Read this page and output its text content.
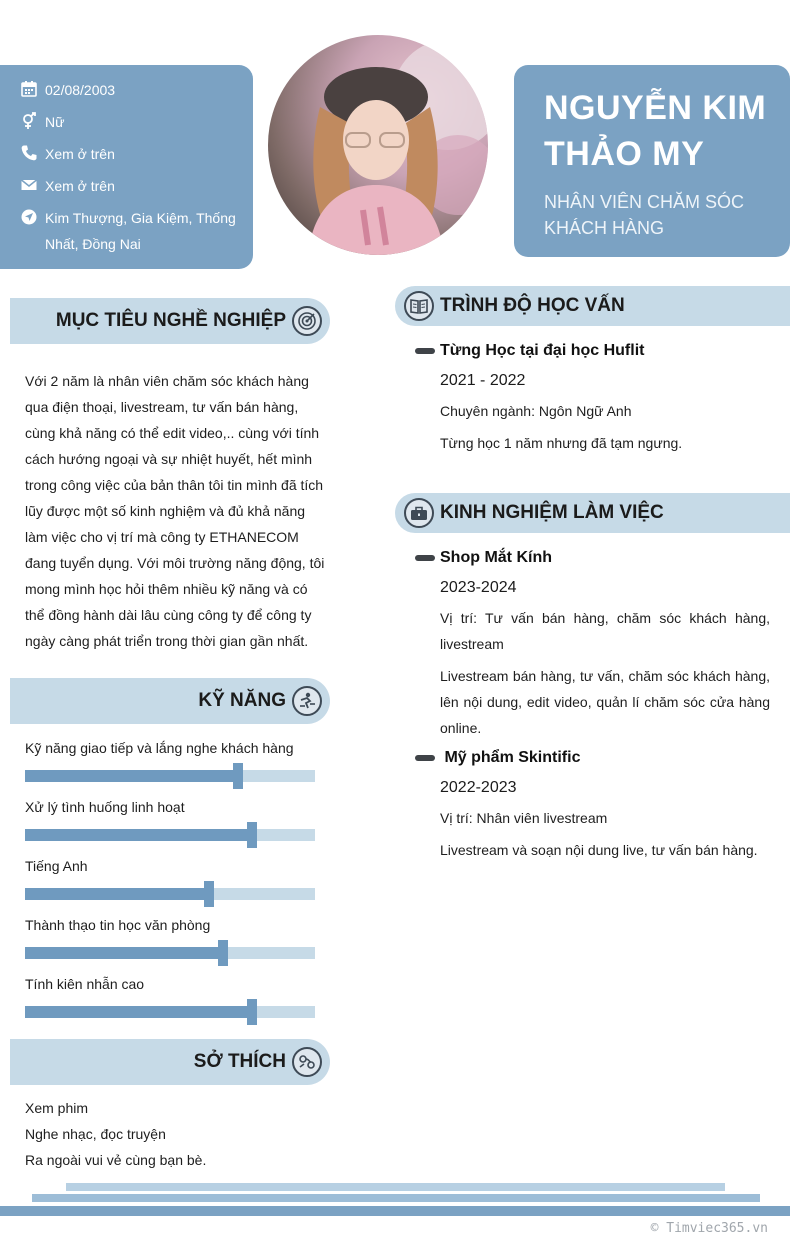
02/08/2003
Nữ
Xem ở trên
Xem ở trên
Kim Thượng, Gia Kiệm, Thống Nhất, Đồng Nai
NGUYỄN KIM THẢO MY
NHÂN VIÊN CHĂM SÓC KHÁCH HÀNG
MỤC TIÊU NGHỀ NGHIỆP
Với 2 năm là nhân viên chăm sóc khách hàng qua điện thoại, livestream, tư vấn bán hàng, cùng khả năng có thể edit video,.. cùng với tính cách hướng ngoại và sự nhiệt huyết, hết mình trong công việc của bản thân tôi tin mình đã tích lũy được một số kinh nghiệm và đủ khả năng làm việc cho vị trí mà công ty ETHANECOM đang tuyển dụng. Với môi trường năng động, tôi mong mình học hỏi thêm nhiều kỹ năng và có thể đồng hành dài lâu cùng công ty để công ty ngày càng phát triển trong thời gian gần nhất.
KỸ NĂNG
Kỹ năng giao tiếp và lắng nghe khách hàng
Xử lý tình huống linh hoạt
Tiếng Anh
Thành thạo tin học văn phòng
Tính kiên nhẫn cao
SỞ THÍCH
Xem phim
Nghe nhạc, đọc truyện
Ra ngoài vui vẻ cùng bạn bè.
TRÌNH ĐỘ HỌC VẤN
Từng Học tại đại học Huflit
2021 - 2022
Chuyên ngành: Ngôn Ngữ Anh
Từng học 1 năm nhưng đã tạm ngưng.
KINH NGHIỆM LÀM VIỆC
Shop Mắt Kính
2023-2024
Vị trí: Tư vấn bán hàng, chăm sóc khách hàng, livestream
Livestream bán hàng, tư vấn, chăm sóc khách hàng, lên nội dung, edit video, quản lí chăm sóc cửa hàng online.
Mỹ phẩm Skintific
2022-2023
Vị trí: Nhân viên livestream
Livestream và soạn nội dung live, tư vấn bán hàng.
© Timviec365.vn
